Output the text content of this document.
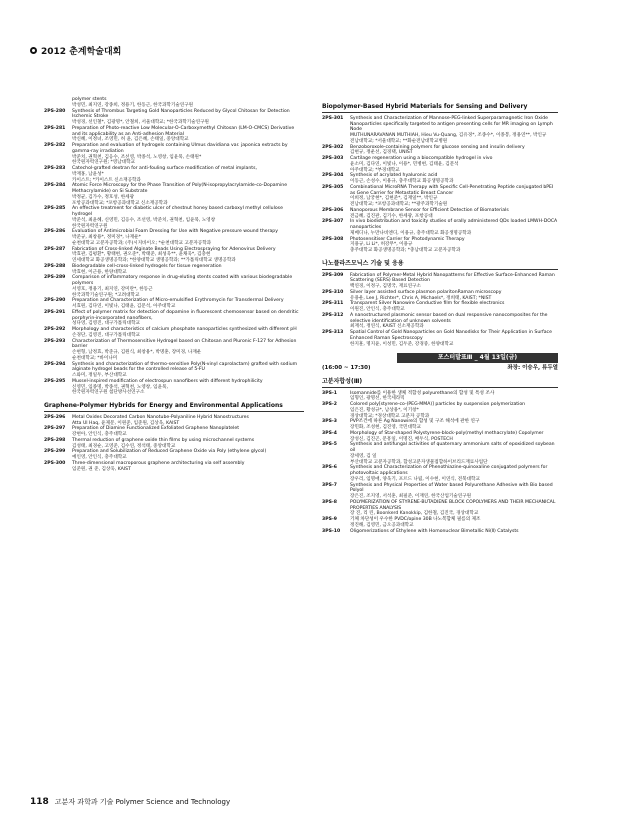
2012 춘계학술대회
polymer stents
박성민, 최지연, 강종희, 정용기, 한동근, 한국과학기술연구원
2PS-280	Synthesis of Thrombus Targeting Gold Nanoparticles Reduced by Glycol Chitosan for Detection Ischemic Stroke
박성경, 선인철*, 김광명*, 안철희, 서울대학교; *한국과학기술연구원
2PS-281	Preparation of Photo-reactive Low Molecular-O-Carboxymethyl Chitosan (LM-O-CMCS) Derivative and its applicability as an Anti-adhesion Material
박신혜, 이정녀, 조영민, 허 윤, 김은혜, 손태일, 중앙대학교
2PS-282	Preparation and evaluation of hydrogels containing Ulmus davidiana var. japonica extracts by gamma-ray irradiation
박준치, 권혁천, 김응수, 조선영, 박종석, 노영창, 임윤묵, 손태원*
한국원자력연구원; *영남대학교
2PS-283	Catechol-grafted dextran for anti-fouling surface modification of metal implants,
박재홍, 남윤성*
카이스트; *카이스트 신소재공학과
2PS-284	Atomic Force Microscopy for the Phase Transition of Poly(N-isopropylacrylamide-co-Dopamine Methacrylamide) on Si Substrate
박정균, 김가수, 정호성, 한세광
포항공과대학교; *포항공과대학교 신소재공학과
2PS-285	An effective treatment for diabetic ulcer of chestnut honey based carboxyl methyl cellulose hydrogel
박준석, 최윤혜, 신영민, 김응수, 조선영, 박준치, 권혁천, 임윤묵, 노영창
한국원자력연구원
2PS-286	Evaluation of Antimicrobial Foam Dressing for Use with Negative pressure wound therapy
박준규, 최창용*, 정미경*, 나재운*
순천대학교 고분자공학과; (주)시지바이오; *순천대학교 고분자공학과
2PS-287	Fabrication of Cross-linked Alginate Beads Using Electrospraying for Adenovirus Delivery
박효관, 김평환*, 황태현, 권오준*, 박태준, 최성욱**, 윤채욱*, 김충현
연세대학교 화공생명공학과; *한양대학교 생명공학과; **가톨릭대학교 생명공학과
2PS-288	Biodegradable cell-cross-linked hydrogels for tissue regeneration
박효현, 이근용, 한양대학교
2PS-289	Comparison of inflammatory response in drug-eluting stents coated with various biodegradable polymers
서영호, 정용기, 최지연, 강미란*, 한동근
한국과학기술연구원; *고려대학교
2PS-290	Preparation and Characterization of Micro-emulsified Erythromycin for Transdermal Delivery
서효원, 김다연, 이빛나, 김태윤, 김문석, 아주대학교
2PS-291	Effect of polymer matrix for detection of dopamine in fluorescent chemosensor based on dendritic porphyrin-incorporated nanofibers,
성다영, 김영진, 대구가톨릭대학교
2PS-292	Morphology and characteristics of calcium phosphate nanoparticles synthesized with different pH
손경단, 김영진, 대구가톨릭대학교
2PS-293	Characterization of Thermosensitive Hydrogel based on Chitosan and Pluronic F-127 for Adhesion barrier
손현형, 남정효, 박준규, 김원식, 최창용*, 박명훈, 장미경, 나재운
순천대학교; *바이나미
2PS-294	Synthesis and characterization of thermo-sensitive Poly(N-vinyl caprolactam) grafted with sodium alginate hydrogel beads for the controlled release of 5-FU
스와미, 정일두, 부산대학교
2PS-295	Mussel-inspired modification of electrospun nanofibers with different hydrophilicity
신영민, 임종명, 박종석, 권혁천, 노영창, 임윤묵,
한국원자력연구원 첨단방사선연구소
Graphene-Polymer Hybrids for Energy and Environmental Applications
2PS-296	Metal Oxides Decorated Carbon Nanotube-Polyaniline Hybrid Nanostructures
Atta Ul Haq, 윤제문, 이원준, 임준원, 김상욱, KAIST
2PS-297	Preparation of Diamine Functionalized Exfoliated Graphene Nanoplatelet
강현아, 안인식, 충주대학교
2PS-298	Thermal reduction of graphene oxide thin films by using microchannel systems
김성태, 최경순, 고영준, 김수연, 정석태, 중앙대학교
2PS-299	Preparation and Solubilization of Reduced Graphene Oxide via Poly (ethylene glycol)
예인영, 안인식, 충주대학교
2PS-300	Three-dimensional macroporous graphene architecturing via self assembly
임준원, 권 준, 김상욱, KAIST
Biopolymer-Based Hybrid Materials for Sensing and Delivery
2PS-301	Synthesis and Characterization of Mannose-PEG-linked Superparamagnetic Iron Oxide Nanoparticles specifically targeted to antigen presenting cells for MR imaging on Lymph Node
MUTHUNARAVANAN MUTHIAH, Hieu Vu-Quang, 김유경*, 조종수*, 이종봉, 정용연**, 박인규
전남대학교; *서울대학교; **화순전남대학교병원
2PS-302	Benzoboroxole-containing polymers for glucose sensing and insulin delivery
김현규, 정운선, 김경택, UNIST
2PS-303	Cartilage regeneration using a biocompatible hydrogel in vivo
윤소미, 김다연, 이빛나, 이용*, 민병현, 김태윤, 김문석
아주대학교; *부경대학교
2PS-304	Synthesis of acrylated hyaluronic acid
이동근, 손성수, 이용규, 충주대학교 화공생명공학과
2PS-305	Combinational MicroRNA Therapy with Specific Cell-Penetrating Peptide conjugated bPEI as Gene Carrier for Metastatic Breast Cancer
이희정, 남궁현*, 김현준*, 김재일**, 박인규
전남대학교; *포항공과대학교; **광주과학기술원
2PS-306	Nanoporous Membrane Sensor for Efficient Detection of Biomaterials
전금혜, 김진관, 김기수, 한세광, 포항공대
2PS-307	In vivo biodistribution and toxicity studies of orally administered QDs loaded LMWH-DOCA nanoparticles
제베디나, 누만나비엔디, 이용규, 충주대학교 화공생명공학과
2PS-308	Photosensitiser Carrier for Photodynamic Therapy
지용규, Li Li*, 허강무*, 이용규
충주대학교 화공생명공학과; *충남대학교 고분자공학과
나노플라즈모닉스 기술 및 응용
2PS-309	Fabrication of Polymer-Metal Hybrid Nanopatterns for Effective Surface-Enhanced Raman Scattering (SERS) Based Detection
백연경, 이정구, 김명국, 재료연구소
2PS-310	Silver layer assisted surface plasmon polaritonRaman microscopy
유용운, Lee J, Richter*, Chris A, Michaels*, 정희태, KAIST; *NIST
2PS-311	Transparent Silver Nanowire Conductive film for flexible electronics
이원진, 안인식, 충주대학교
2PS-312	A nanostructured plasmonic sensor based on dual responsive nanocomposites for the selective identification of unknown solvents
최재석, 정연식, KAIST 신소재공학과
2PS-313	Spatial Control of Gold Nanoparticles on Gold Nanodisks for Their Application in Surface Enhanced Raman Spectroscopy
한지훈, 명지윤, 이성민, 김두준, 강경중, 한양대학교
포스터발표Ⅲ _ 4월 13일(금)
(16:00 ~ 17:30)	좌장: 이승우, 류두열
고분자합성(Ⅲ)
3PS-1	Isomannide를 이용한 생체 적합성 polyurethane의 합성 및 특성 조사
임형인, 광명선, 한국세라믹
3PS-2	Colored poly[styrene-co-(PEG-MMA)] particles by suspension polymerization
임은진, 황성규*, 남상용*, 이기창*
경상대학교; *경상대학교 고분자 공학과
3PS-3	PVP조건에 따른 Ag Nanowire의 합성 및 구조 해석에 관한 연구
장민화, 조성현, 김진영, 국민대학교
3PS-4	Morphology of Star-shaped Polystyrene-block-poly(methyl methacrylate) Copolymer
장성신, 김진곤, 문흥일, 이명진, 배두식, POSTECH
3PS-5	Synthesis and antifungal activities of quaternary ammonium salts of epoxidized soybean oil
장세영, 김 일
부산대학교 고분자공학과, 합성고분자생물접합하이브리드재료사업단
3PS-6	Synthesis and Characterization of Phenothiazine-quinoxaline conjugated polymers for photovoltaic applications
장우리, 임명애, 양욱기, 포르드 나립, 이수현, 이연식, 전북대학교
3PS-7	Synthesis and Physical Properties of Water based Polyurethane Adhesive with Bio based Polyol
장은진, 조지영, 서석훈, 최필준, 이재연, 한국산업기술연구원
3PS-8	POLYMERIZATION OF STYRENE-BUTADIENE BLOCK COPOLYMERS AND THEIR MECHANICAL PROPERTIES ANALYSIS
장 진, 리 린, Boonkerd Kanokkip, 김한철, 김진국, 경상대학교
3PS-9	기체 차단성이 우수한 PVDC/opine 30B 나노복합체 필름의 제조
정진해, 김영민, 금오공과대학교
3PS-10	Oligomerizations of Ethylene with Homonuclear Bimetallic Ni(Ⅱ) Catalysts
118 고분자 과학과 기술 Polymer Science and Technology
